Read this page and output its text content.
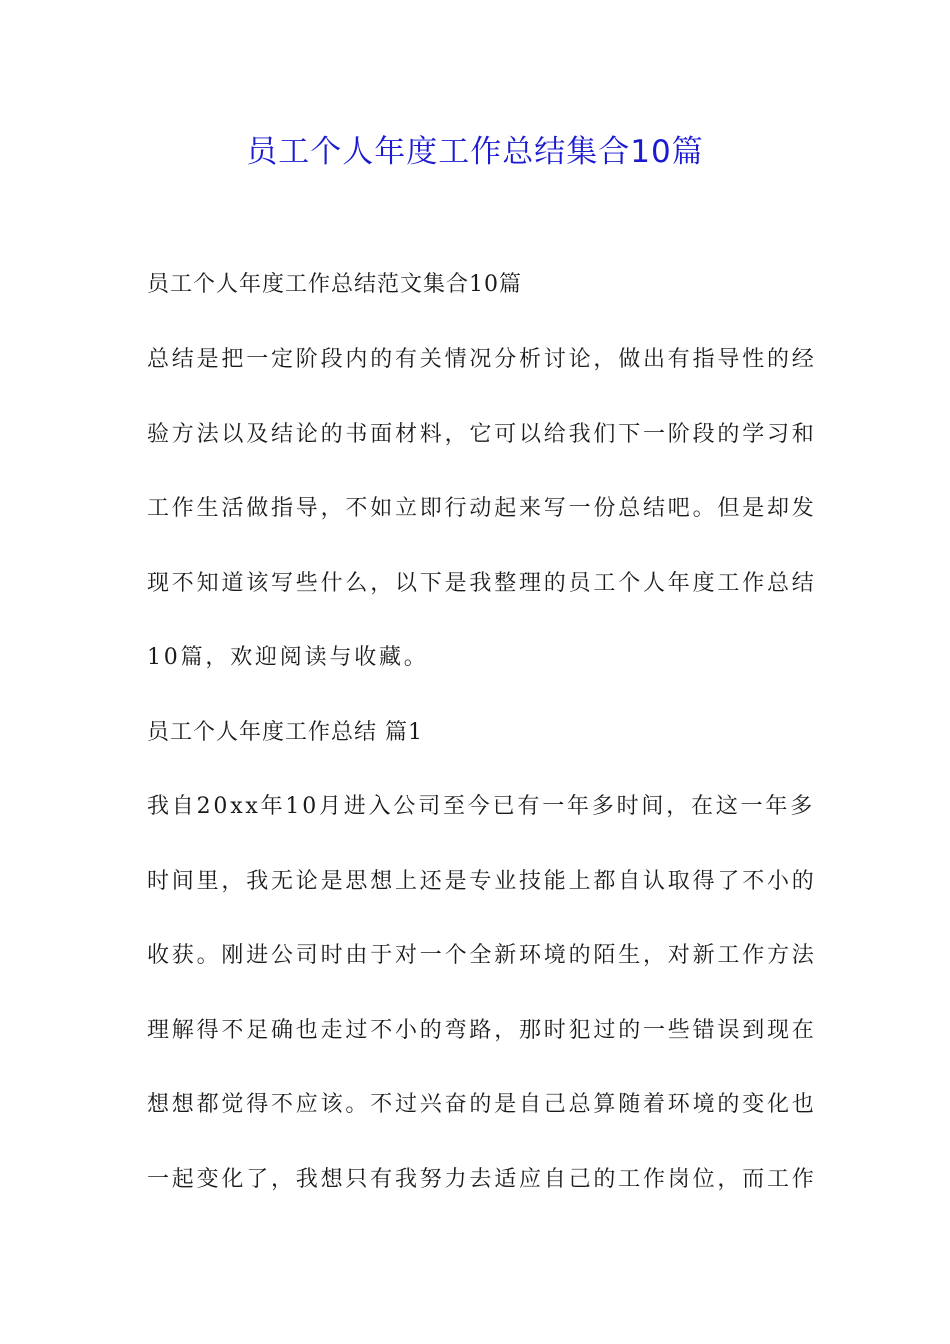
员工个人年度工作总结集合10篇

员工个人年度工作总结范文集合10篇

总结是把一定阶段内的有关情况分析讨论，做出有指导性的经

验方法以及结论的书面材料，它可以给我们下一阶段的学习和

工作生活做指导，不如立即行动起来写一份总结吧。但是却发

现不知道该写些什么，以下是我整理的员工个人年度工作总结

10篇，欢迎阅读与收藏。

员工个人年度工作总结 篇1

我自20xx年10月进入公司至今已有一年多时间，在这一年多

时间里，我无论是思想上还是专业技能上都自认取得了不小的

收获。刚进公司时由于对一个全新环境的陌生，对新工作方法

理解得不足确也走过不小的弯路，那时犯过的一些错误到现在

想想都觉得不应该。不过兴奋的是自己总算随着环境的变化也

一起变化了，我想只有我努力去适应自己的工作岗位，而工作
